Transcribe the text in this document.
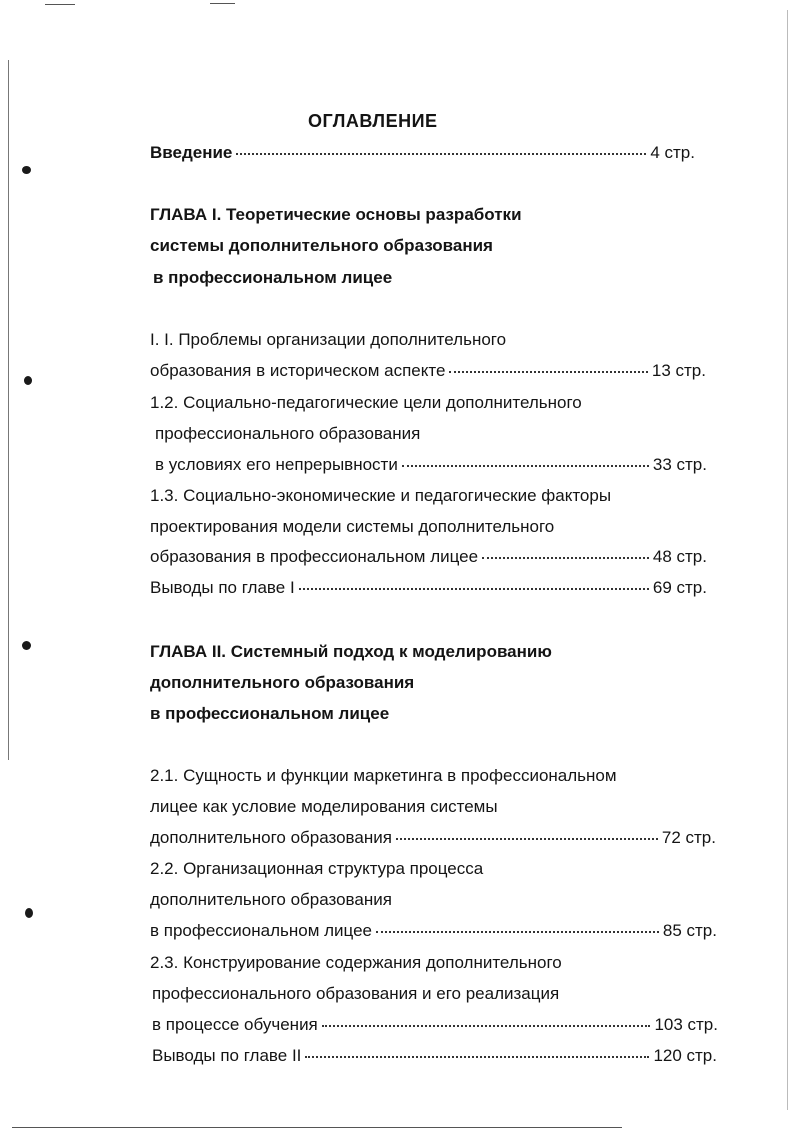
ОГЛАВЛЕНИЕ
Введение	4 стр.
ГЛАВА I. Теоретические основы разработки
системы дополнительного образования
в профессиональном лицее
I. I. Проблемы организации дополнительного
образования в историческом аспекте	13 стр.
1.2. Социально-педагогические цели дополнительного
профессионального образования
в условиях его непрерывности	33 стр.
1.3. Социально-экономические и педагогические факторы
проектирования модели системы дополнительного
образования в профессиональном лицее	48 стр.
Выводы по главе I	69 стр.
ГЛАВА II. Системный подход к моделированию
дополнительного образования
в профессиональном лицее
2.1. Сущность и функции маркетинга в профессиональном
лицее как условие моделирования системы
дополнительного образования	72 стр.
2.2. Организационная структура процесса
дополнительного образования
в профессиональном лицее	85 стр.
2.3. Конструирование содержания дополнительного
профессионального образования и его реализация
в процессе обучения	103 стр.
Выводы по главе II	120 стр.
